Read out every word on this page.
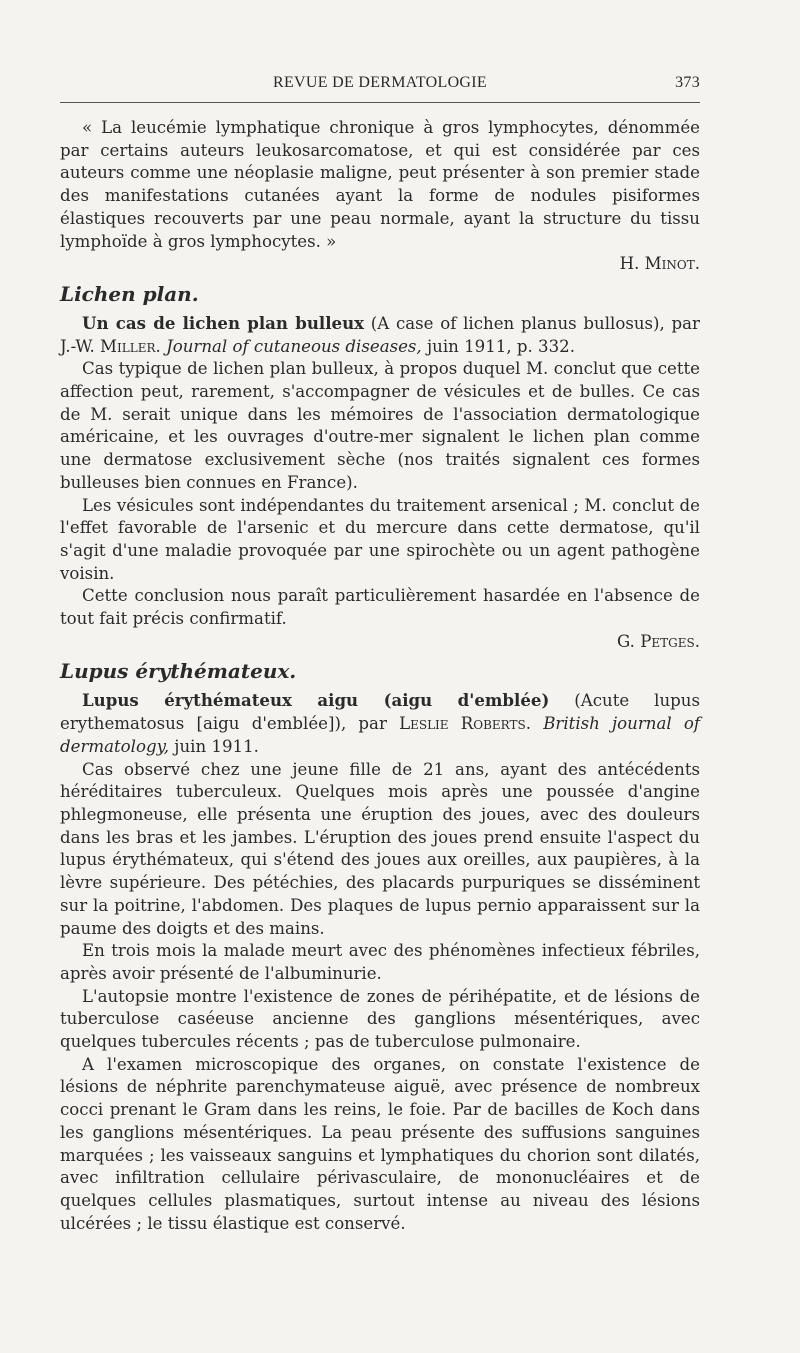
REVUE DE DERMATOLOGIE	373

« La leucémie lymphatique chronique à gros lymphocytes, dénommée par certains auteurs leukosarcomatose, et qui est considérée par ces auteurs comme une néoplasie maligne, peut présenter à son premier stade des manifestations cutanées ayant la forme de nodules pisiformes élastiques recouverts par une peau normale, ayant la structure du tissu lymphoïde à gros lymphocytes. »

H. Minot.

Lichen plan.

Un cas de lichen plan bulleux (A case of lichen planus bullosus), par J.-W. Miller. Journal of cutaneous diseases, juin 1911, p. 332.

Cas typique de lichen plan bulleux, à propos duquel M. conclut que cette affection peut, rarement, s'accompagner de vésicules et de bulles. Ce cas de M. serait unique dans les mémoires de l'association dermatologique américaine, et les ouvrages d'outre-mer signalent le lichen plan comme une dermatose exclusivement sèche (nos traités signalent ces formes bulleuses bien connues en France).

Les vésicules sont indépendantes du traitement arsenical ; M. conclut de l'effet favorable de l'arsenic et du mercure dans cette dermatose, qu'il s'agit d'une maladie provoquée par une spirochète ou un agent pathogène voisin.

Cette conclusion nous paraît particulièrement hasardée en l'absence de tout fait précis confirmatif.

G. Petges.

Lupus érythémateux.

Lupus érythémateux aigu (aigu d'emblée) (Acute lupus erythematosus [aigu d'emblée]), par Leslie Roberts. British journal of dermatology, juin 1911.

Cas observé chez une jeune fille de 21 ans, ayant des antécédents héréditaires tuberculeux. Quelques mois après une poussée d'angine phlegmoneuse, elle présenta une éruption des joues, avec des douleurs dans les bras et les jambes. L'éruption des joues prend ensuite l'aspect du lupus érythémateux, qui s'étend des joues aux oreilles, aux paupières, à la lèvre supérieure. Des pétéchies, des placards purpuriques se disséminent sur la poitrine, l'abdomen. Des plaques de lupus pernio apparaissent sur la paume des doigts et des mains.

En trois mois la malade meurt avec des phénomènes infectieux fébriles, après avoir présenté de l'albuminurie.

L'autopsie montre l'existence de zones de périhépatite, et de lésions de tuberculose caséeuse ancienne des ganglions mésentériques, avec quelques tubercules récents ; pas de tuberculose pulmonaire.

A l'examen microscopique des organes, on constate l'existence de lésions de néphrite parenchymateuse aiguë, avec présence de nombreux cocci prenant le Gram dans les reins, le foie. Par de bacilles de Koch dans les ganglions mésentériques. La peau présente des suffusions sanguines marquées ; les vaisseaux sanguins et lymphatiques du chorion sont dilatés, avec infiltration cellulaire périvasculaire, de mononucléaires et de quelques cellules plasmatiques, surtout intense au niveau des lésions ulcérées ; le tissu élastique est conservé.
